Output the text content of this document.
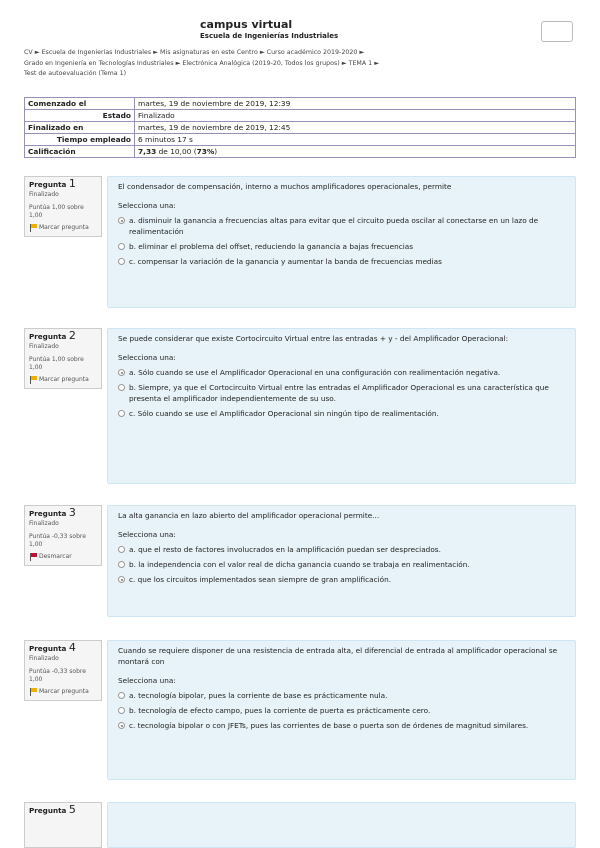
campus virtual
Escuela de Ingenierías Industriales
CV ► Escuela de Ingenierías Industriales ► Mis asignaturas en este Centro ► Curso académico 2019-2020 ►
Grado en Ingeniería en Tecnologías Industriales ► Electrónica Analógica (2019-20, Todos los grupos) ► TEMA 1 ►
Test de autoevaluación (Tema 1)
Comenzado el	martes, 19 de noviembre de 2019, 12:39
Estado	Finalizado
Finalizado en	martes, 19 de noviembre de 2019, 12:45
Tiempo empleado	6 minutos 17 s
Calificación	7,33 de 10,00 (73%)
Pregunta 1
Finalizado
Puntúa 1,00 sobre 1,00
Marcar pregunta
El condensador de compensación, interno a muchos amplificadores operacionales, permite
Selecciona una:
a. disminuir la ganancia a frecuencias altas para evitar que el circuito pueda oscilar al conectarse en un lazo de realimentación
b. eliminar el problema del offset, reduciendo la ganancia a bajas frecuencias
c. compensar la variación de la ganancia y aumentar la banda de frecuencias medias
Pregunta 2
Finalizado
Puntúa 1,00 sobre 1,00
Marcar pregunta
Se puede considerar que existe Cortocircuito Virtual entre las entradas + y - del Amplificador Operacional:
Selecciona una:
a. Sólo cuando se use el Amplificador Operacional en una configuración con realimentación negativa.
b. Siempre, ya que el Cortocircuito Virtual entre las entradas el Amplificador Operacional es una característica que presenta el amplificador independientemente de su uso.
c. Sólo cuando se use el Amplificador Operacional sin ningún tipo de realimentación.
Pregunta 3
Finalizado
Puntúa -0,33 sobre 1,00
Desmarcar
La alta ganancia en lazo abierto del amplificador operacional permite...
Selecciona una:
a. que el resto de factores involucrados en la amplificación puedan ser despreciados.
b. la independencia con el valor real de dicha ganancia cuando se trabaja en realimentación.
c. que los circuitos implementados sean siempre de gran amplificación.
Pregunta 4
Finalizado
Puntúa -0,33 sobre 1,00
Marcar pregunta
Cuando se requiere disponer de una resistencia de entrada alta, el diferencial de entrada al amplificador operacional se montará con
Selecciona una:
a. tecnología bipolar, pues la corriente de base es prácticamente nula.
b. tecnología de efecto campo, pues la corriente de puerta es prácticamente cero.
c. tecnología bipolar o con JFETs, pues las corrientes de base o puerta son de órdenes de magnitud similares.
Pregunta 5
